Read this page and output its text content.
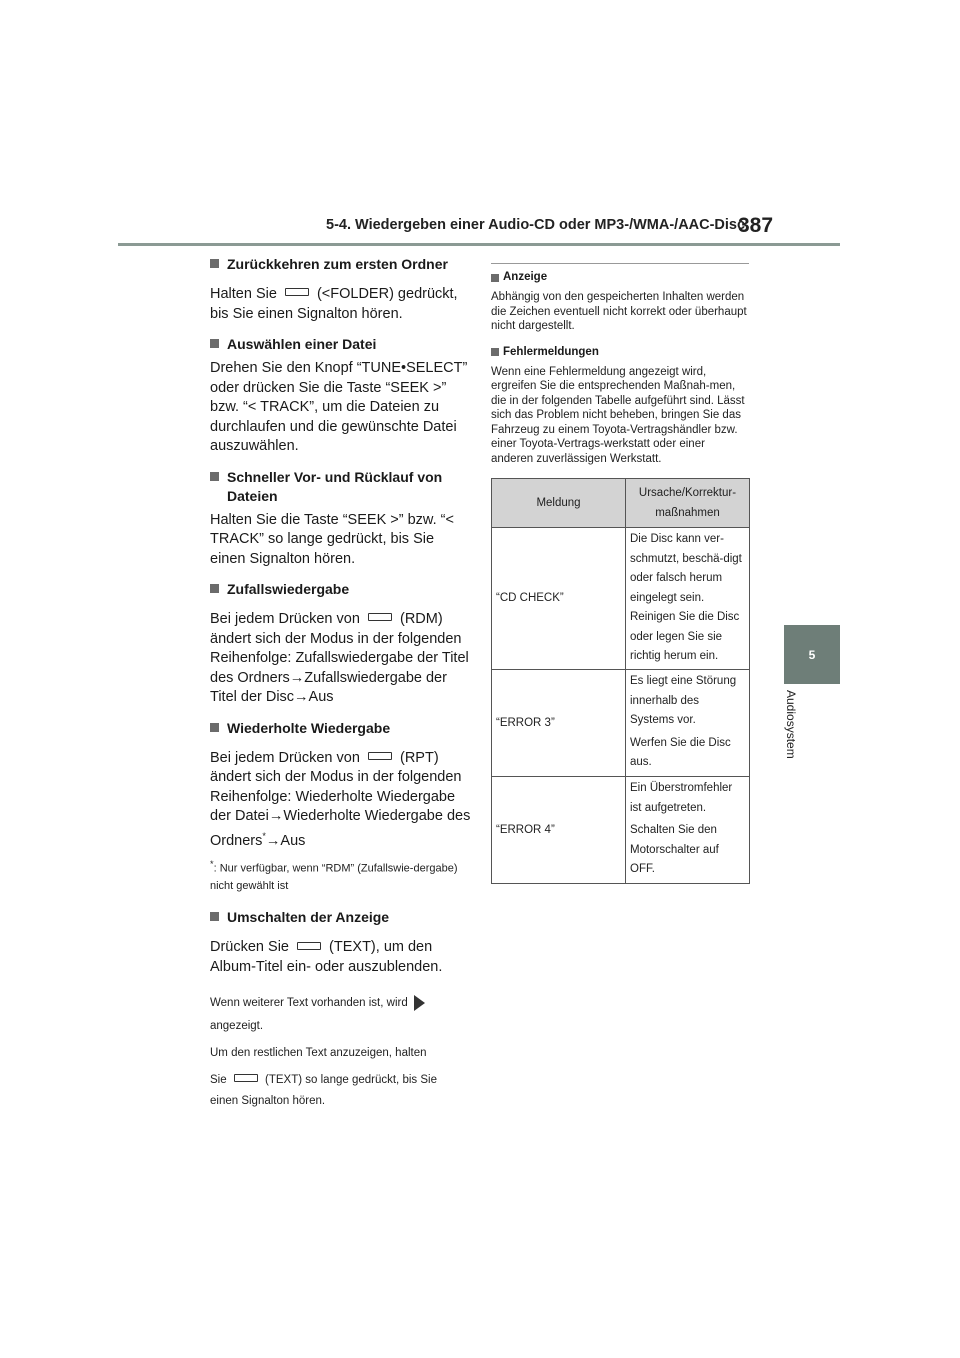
5-4. Wiedergeben einer Audio-CD oder MP3-/WMA-/AAC-Disc
387
5
Audiosystem

Zurückkehren zum ersten Ordner

Halten Sie	(<FOLDER) gedrückt, bis Sie einen Signalton hören.

Auswählen einer Datei

Drehen Sie den Knopf “TUNE•SELECT” oder drücken Sie die Taste “SEEK >” bzw. “< TRACK”, um die Dateien zu durchlaufen und die gewünschte Datei auszuwählen.

Schneller Vor- und Rücklauf von Dateien

Halten Sie die Taste “SEEK >” bzw. “< TRACK” so lange gedrückt, bis Sie einen Signalton hören.

Zufallswiedergabe

Bei jedem Drücken von	(RDM) ändert sich der Modus in der folgenden Reihenfolge: Zufallswiedergabe der Titel des Ordners→Zufallswiedergabe der Titel der Disc→Aus

Wiederholte Wiedergabe

Bei jedem Drücken von	(RPT) ändert sich der Modus in der folgenden Reihenfolge: Wiederholte Wiedergabe der Datei→Wiederholte Wiedergabe des Ordners*→Aus

*: Nur verfügbar, wenn “RDM” (Zufallswie-dergabe) nicht gewählt ist

Umschalten der Anzeige

Drücken Sie	(TEXT), um den Album-Titel ein- oder auszublenden.

Wenn weiterer Text vorhanden ist, wird

angezeigt.

Um den restlichen Text anzuzeigen, halten

Sie	(TEXT) so lange gedrückt, bis Sie

einen Signalton hören.

Anzeige

Abhängig von den gespeicherten Inhalten werden die Zeichen eventuell nicht korrekt oder überhaupt nicht dargestellt.

Fehlermeldungen

Wenn eine Fehlermeldung angezeigt wird, ergreifen Sie die entsprechenden Maßnah-men, die in der folgenden Tabelle aufgeführt sind. Lässt sich das Problem nicht beheben, bringen Sie das Fahrzeug zu einem Toyota-Vertragshändler bzw. einer Toyota-Vertrags-werkstatt oder einer anderen zuverlässigen Werkstatt.

Meldung	Ursache/Korrektur-maßnahmen
“CD CHECK”	Die Disc kann ver-schmutzt, beschä-digt oder falsch herum eingelegt sein.
Reinigen Sie die Disc oder legen Sie sie richtig herum ein.

“ERROR 3”	Es liegt eine Störung innerhalb des Systems vor.
Werfen Sie die Disc aus.

“ERROR 4”	Ein Überstromfehler ist aufgetreten.
Schalten Sie den Motorschalter auf OFF.
